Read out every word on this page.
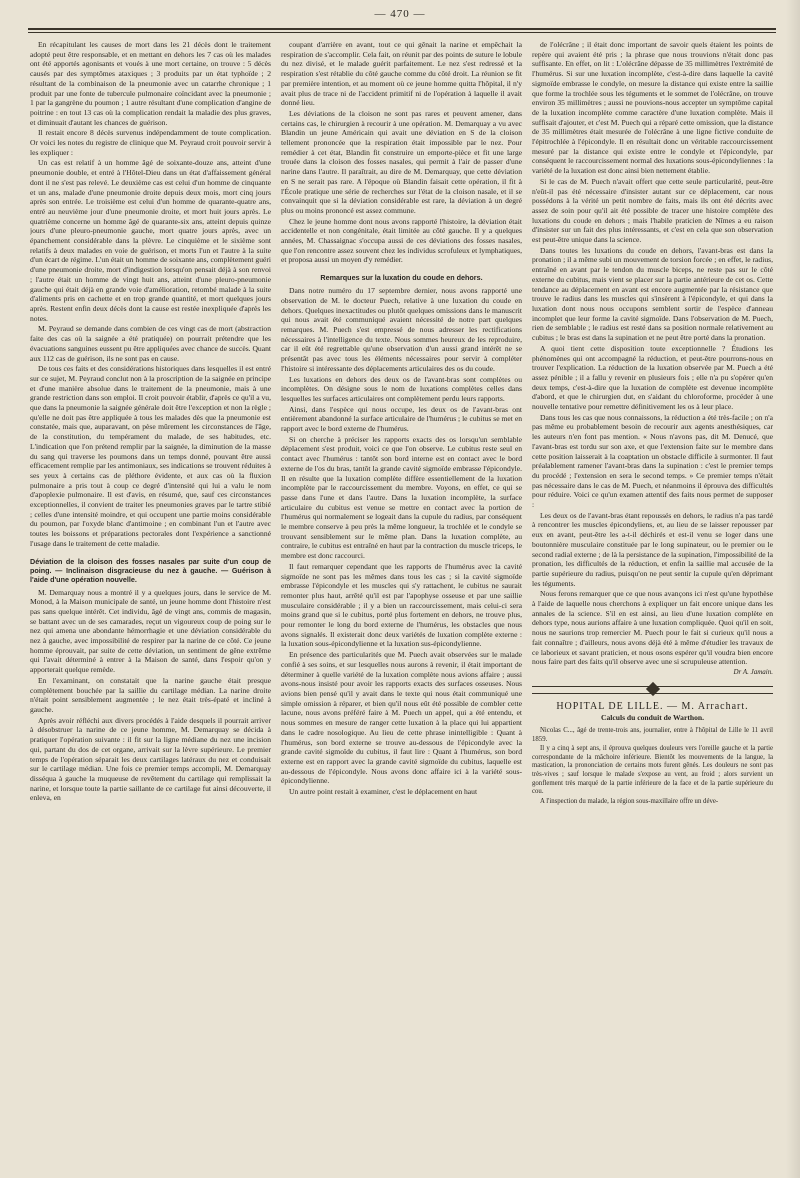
— 470 —

En récapitulant les causes de mort dans les 21 décès dont le traitement adopté peut être responsable, et en mettant en dehors les 7 cas où les malades ont été apportés agonisants et voués à une mort certaine, on trouve : 5 décès causés par des symptômes ataxiques ; 3 produits par un état typhoïde ; 2 résultant de la combinaison de la pneumonie avec un catarrhe chronique ; 1 produit par une fonte de tubercule pulmonaire coïncidant avec la pneumonie ; 1 par la gangrène du poumon ; 1 autre résultant d'une complication d'angine de poitrine : en tout 13 cas où la complication rendait la maladie des plus graves, et diminuait d'autant les chances de guérison.

Il restait encore 8 décès survenus indépendamment de toute complication. Or voici les notes du registre de clinique que M. Peyraud croit pouvoir servir à les expliquer :

Un cas est relatif à un homme âgé de soixante-douze ans, atteint d'une pneumonie double, et entré à l'Hôtel-Dieu dans un état d'affaissement général dont il ne s'est pas relevé. Le deuxième cas est celui d'un homme de cinquante et un ans, malade d'une pneumonie droite depuis deux mois, mort cinq jours après son entrée. Le troisième est celui d'un homme de quarante-quatre ans, entré au neuvième jour d'une pneumonie droite, et mort huit jours après. Le quatrième concerne un homme âgé de quarante-six ans, atteint depuis quinze jours d'une pleuro-pneumonie gauche, mort quatre jours après, avec un épanchement considérable dans la plèvre. Le cinquième et le sixième sont relatifs à deux malades en voie de guérison, et morts l'un et l'autre à la suite d'un écart de régime. L'un était un homme de soixante ans, complètement guéri d'une pneumonie droite, mort d'indigestion lorsqu'on pensait déjà à son renvoi ; l'autre était un homme de vingt huit ans, atteint d'une pleuro-pneumonie gauche qui était déjà en grande voie d'amélioration, retombé malade à la suite d'aliments pris en cachette et en trop grande quantité, et mort quelques jours après. Restent enfin deux décès dont la cause est restée inexpliquée d'après les notes.

M. Peyraud se demande dans combien de ces vingt cas de mort (abstraction faite des cas où la saignée a été pratiquée) on pourrait prétendre que les évacuations sanguines eussent pu être appliquées avec chance de succès. Quant aux 112 cas de guérison, ils ne sont pas en cause.

De tous ces faits et des considérations historiques dans lesquelles il est entré sur ce sujet, M. Peyraud conclut non à la proscription de la saignée en principe et d'une manière absolue dans le traitement de la pneumonie, mais à une grande restriction dans son emploi. Il croit pouvoir établir, d'après ce qu'il a vu, que dans la pneumonie la saignée générale doit être l'exception et non la règle ; qu'elle ne doit pas être appliquée à tous les malades dès que la pneumonie est constatée, mais que, auparavant, on pèse mûrement les circonstances de l'âge, de la constitution, du tempérament du malade, de ses habitudes, etc. L'indication que l'on prétend remplir par la saignée, la diminution de la masse du sang qui traverse les poumons dans un temps donné, pouvant être aussi efficacement remplie par les antimoniaux, ses indications se trouvent réduites à ses yeux à certains cas de pléthore évidente, et aux cas où la fluxion pulmonaire a pris tout à coup ce degré d'intensité qui lui a valu le nom d'apoplexie pulmonaire. Il est d'avis, en résumé, que, sauf ces circonstances exceptionnelles, il convient de traiter les pneumonies graves par le tartre stibié ; celles d'une intensité moindre, et qui occupent une partie moins considérable du poumon, par l'oxyde blanc d'antimoine ; en combinant l'un et l'autre avec toutes les boissons et préparations pectorales dont l'expérience a sanctionné l'usage dans le traitement de cette maladie.

Déviation de la cloison des fosses nasales par suite d'un coup de poing. — Inclinaison disgracieuse du nez à gauche. — Guérison à l'aide d'une opération nouvelle.

M. Demarquay nous a montré il y a quelques jours, dans le service de M. Monod, à la Maison municipale de santé, un jeune homme dont l'histoire n'est pas sans quelque intérêt. Cet individu, âgé de vingt ans, commis de magasin, se battant avec un de ses camarades, reçut un vigoureux coup de poing sur le nez qui amena une abondante hémorrhagie et une déviation considérable du nez à gauche, avec impossibilité de respirer par la narine de ce côté. Ce jeune homme éprouvait, par suite de cette déviation, un sentiment de gêne extrême qui l'avait déterminé à entrer à la Maison de santé, dans l'espoir qu'on y apporterait quelque remède.

En l'examinant, on constatait que la narine gauche était presque complètement bouchée par la saillie du cartilage médian. La narine droite n'était point sensiblement augmentée ; le nez était très-épaté et incliné à gauche.

Après avoir réfléchi aux divers procédés à l'aide desquels il pourrait arriver à désobstruer la narine de ce jeune homme, M. Demarquay se décida à pratiquer l'opération suivante : il fit sur la ligne médiane du nez une incision qui, partant du dos de cet organe, arrivait sur la lèvre supérieure. Le premier temps de l'opération séparait les deux cartilages latéraux du nez et conduisait sur le cartilage médian. Une fois ce premier temps accompli, M. Demarquay disséqua à gauche la muqueuse de revêtement du cartilage qui remplissait la narine, et lorsque toute la partie saillante de ce cartilage fut ainsi découverte, il enleva, en

coupant d'arrière en avant, tout ce qui gênait la narine et empêchait la respiration de s'accomplir. Cela fait, on réunit par des points de suture le lobule du nez divisé, et le malade guérit parfaitement. Le nez s'est redressé et la respiration s'est rétablie du côté gauche comme du côté droit. La réunion se fit par première intention, et au moment où ce jeune homme quitta l'hôpital, il n'y avait plus de trace ni de l'accident primitif ni de l'opération à laquelle il avait donné lieu.

Les déviations de la cloison ne sont pas rares et peuvent amener, dans certains cas, le chirurgien à recourir à une opération. M. Demarquay a vu avec Blandin un jeune Américain qui avait une déviation en S de la cloison tellement prononcée que la respiration était impossible par le nez. Pour remédier à cet état, Blandin fit construire un emporte-pièce et fit une large trouée dans la cloison des fosses nasales, qui permit à l'air de passer d'une narine dans l'autre. Il paraîtrait, au dire de M. Demarquay, que cette déviation en S ne serait pas rare. A l'époque où Blandin faisait cette opération, il fit à l'École pratique une série de recherches sur l'état de la cloison nasale, et il se convainquit que si la déviation considérable est rare, la déviation à un degré plus ou moins prononcé est assez commune.

Chez le jeune homme dont nous avons rapporté l'histoire, la déviation était accidentelle et non congénitale, était limitée au côté gauche. Il y a quelques années, M. Chassaignac s'occupa aussi de ces déviations des fosses nasales, que l'on rencontre assez souvent chez les individus scrofuleux et lymphatiques, et proposa aussi un moyen d'y remédier.

Remarques sur la luxation du coude en dehors.

Dans notre numéro du 17 septembre dernier, nous avons rapporté une observation de M. le docteur Puech, relative à une luxation du coude en dehors. Quelques inexactitudes ou plutôt quelques omissions dans le manuscrit qui nous avait été communiqué avaient nécessité de notre part quelques remarques. M. Puech s'est empressé de nous adresser les rectifications nécessaires à l'intelligence du texte. Nous sommes heureux de les reproduire, car il eût été regrettable qu'une observation d'un aussi grand intérêt ne se présentât pas avec tous les éléments nécessaires pour servir à compléter l'histoire si intéressante des déplacements articulaires des os du coude.

Les luxations en dehors des deux os de l'avant-bras sont complètes ou incomplètes. On désigne sous le nom de luxations complètes celles dans lesquelles les surfaces articulaires ont complètement perdu leurs rapports.

Ainsi, dans l'espèce qui nous occupe, les deux os de l'avant-bras ont entièrement abandonné la surface articulaire de l'humérus ; le cubitus se met en rapport avec le bord externe de l'humérus.

Si on cherche à préciser les rapports exacts des os lorsqu'un semblable déplacement s'est produit, voici ce que l'on observe. Le cubitus reste seul en contact avec l'humérus : tantôt son bord interne est en contact avec le bord externe de l'os du bras, tantôt la grande cavité sigmoïde embrasse l'épicondyle. Il en résulte que la luxation complète diffère essentiellement de la luxation incomplète par le raccourcissement du membre. Voyons, en effet, ce qui se passe dans l'une et dans l'autre. Dans la luxation incomplète, la surface articulaire du cubitus est venue se mettre en contact avec la portion de l'humérus qui normalement se logeait dans la cupule du radius, par conséquent le membre conserve à peu près la même longueur, la trochlée et le condyle se trouvant sensiblement sur le même plan. Dans la luxation complète, au contraire, le cubitus est entraîné en haut par la contraction du muscle triceps, le membre est donc raccourci.

Il faut remarquer cependant que les rapports de l'humérus avec la cavité sigmoïde ne sont pas les mêmes dans tous les cas ; si la cavité sigmoïde embrasse l'épicondyle et les muscles qui s'y rattachent, le cubitus ne saurait remonter plus haut, arrêté qu'il est par l'apophyse osseuse et par une saillie musculaire considérable ; il y a bien un raccourcissement, mais celui-ci sera moins grand que si le cubitus, porté plus fortement en dehors, ne trouve plus, pour remonter le long du bord externe de l'humérus, les obstacles que nous avons signalés. Il existerait donc deux variétés de luxation complète externe : la luxation sous-épicondylienne et la luxation sus-épicondylienne.

En présence des particularités que M. Puech avait observées sur le malade confié à ses soins, et sur lesquelles nous aurons à revenir, il était important de déterminer à quelle variété de la luxation complète nous avions affaire ; aussi avons-nous insisté pour avoir les rapports exacts des surfaces osseuses. Nous avions bien pensé qu'il y avait dans le texte qui nous était communiqué une simple omission à réparer, et bien qu'il nous eût été possible de combler cette lacune, nous avons préféré faire à M. Puech un appel, qui a été entendu, et nous sommes en mesure de ranger cette luxation à la place qui lui appartient dans le cadre nosologique. Au lieu de cette phrase inintelligible : Quant à l'humérus, son bord externe se trouve au-dessous de l'épicondyle avec la grande cavité sigmoïde du cubitus, il faut lire : Quant à l'humérus, son bord externe est en rapport avec la grande cavité sigmoïde du cubitus, laquelle est au-dessous de l'épicondyle. Nous avons donc affaire ici à la variété sous-épicondylienne.

Un autre point restait à examiner, c'est le déplacement en haut

de l'olécrâne ; il était donc important de savoir quels étaient les points de repère qui avaient été pris ; la phrase que nous trouvions n'était donc pas suffisante. En effet, on lit : L'olécrâne dépasse de 35 millimètres l'extrémité de l'humérus. Si sur une luxation incomplète, c'est-à-dire dans laquelle la cavité sigmoïde embrasse le condyle, on mesure la distance qui existe entre la saillie que forme la trochlée sous les téguments et le sommet de l'olécrâne, on trouve environ 35 millimètres ; aussi ne pouvions-nous accepter un symptôme capital de la luxation incomplète comme caractère d'une luxation complète. Mais il suffisait d'ajouter, et c'est M. Puech qui a réparé cette omission, que la distance de 35 millimètres était mesurée de l'olécrâne à une ligne fictive conduite de l'épitrochlée à l'épicondyle. Il en résultait donc un véritable raccourcissement mesuré par la distance qui existe entre le condyle et l'épicondyle, par conséquent le raccourcissement normal des luxations sous-épicondyliennes : la variété de la luxation est donc ainsi bien nettement établie.

Si le cas de M. Puech n'avait offert que cette seule particularité, peut-être n'eût-il pas été nécessaire d'insister autant sur ce déplacement, car nous possédons à la vérité un petit nombre de faits, mais ils ont été décrits avec assez de soin pour qu'il ait été possible de tracer une histoire complète des luxations du coude en dehors ; mais l'habile praticien de Nîmes a eu raison d'insister sur un fait des plus intéressants, et c'est en cela que son observation est peut-être unique dans la science.

Dans toutes les luxations du coude en dehors, l'avant-bras est dans la pronation ; il a même subi un mouvement de torsion forcée ; en effet, le radius, entraîné en avant par le tendon du muscle biceps, ne reste pas sur le côté externe du cubitus, mais vient se placer sur la partie antérieure de cet os. Cette tendance au déplacement en avant est encore augmentée par la résistance que trouve le radius dans les muscles qui s'insèrent à l'épicondyle, et qui dans la luxation dont nous nous occupons semblent sortir de l'espèce d'anneau incomplet que leur forme la cavité sigmoïde. Dans l'observation de M. Puech, rien de semblable ; le radius est resté dans sa position normale relativement au cubitus ; le bras est dans la supination et ne peut être porté dans la pronation.

A quoi tient cette disposition toute exceptionnelle ? Étudions les phénomènes qui ont accompagné la réduction, et peut-être pourrons-nous en trouver l'explication. La réduction de la luxation observée par M. Puech a été assez pénible ; il a fallu y revenir en plusieurs fois ; elle n'a pu s'opérer qu'en deux temps, c'est-à-dire que la luxation de complète est devenue incomplète d'abord, et que le chirurgien dut, en s'aidant du chloroforme, procéder à une nouvelle tentative pour remettre définitivement les os à leur place.

Dans tous les cas que nous connaissons, la réduction a été très-facile ; on n'a pas même eu probablement besoin de recourir aux agents anesthésiques, car les auteurs n'en font pas mention. « Nous n'avons pas, dit M. Denucé, que l'avant-bras est tordu sur son axe, et que l'extension faite sur le membre dans cette position laisserait à la coaptation un obstacle difficile à surmonter. Il faut préalablement ramener l'avant-bras dans la supination : c'est le premier temps du procédé ; l'extension en sera le second temps. » Ce premier temps n'était pas nécessaire dans le cas de M. Puech, et néanmoins il éprouva des difficultés pour réduire. Voici ce qu'un examen attentif des faits nous permet de supposer :

Les deux os de l'avant-bras étant repoussés en dehors, le radius n'a pas tardé à rencontrer les muscles épicondyliens, et, au lieu de se laisser repousser par eux en avant, peut-être les a-t-il déchirés et est-il venu se loger dans une boutonnière musculaire constituée par le long supinateur, ou le premier ou le second radial externe ; de là la persistance de la supination, l'impossibilité de la pronation, les difficultés de la réduction, et enfin la saillie mal accusée de la partie supérieure du radius, puisqu'on ne peut sentir la cupule qu'en déprimant les téguments.

Nous ferons remarquer que ce que nous avançons ici n'est qu'une hypothèse à l'aide de laquelle nous cherchons à expliquer un fait encore unique dans les annales de la science. S'il en est ainsi, au lieu d'une luxation complète en dehors type, nous aurions affaire à une luxation compliquée. Quoi qu'il en soit, nous ne saurions trop remercier M. Puech pour le fait si curieux qu'il nous a fait connaître ; d'ailleurs, nous avons déjà été à même d'étudier les travaux de ce laborieux et savant praticien, et nous osons espérer qu'il voudra bien encore nous faire part des faits qu'il observe avec une si scrupuleuse attention.

Dr A. Jamain.
HOPITAL DE LILLE. — M. Arrachart.
Calculs du conduit de Warthon.

Nicolas C..., âgé de trente-trois ans, journalier, entre à l'hôpital de Lille le 11 avril 1859.

Il y a cinq à sept ans, il éprouva quelques douleurs vers l'oreille gauche et la partie correspondante de la mâchoire inférieure. Bientôt les mouvements de la langue, la mastication, la prononciation de certains mots furent gênés. Les douleurs ne sont pas très-vives ; sauf lorsque le malade s'expose au vent, au froid ; alors survient un gonflement très marqué de la partie inférieure de la face et de la partie supérieure du cou.

A l'inspection du malade, la région sous-maxillaire offre un déve-
